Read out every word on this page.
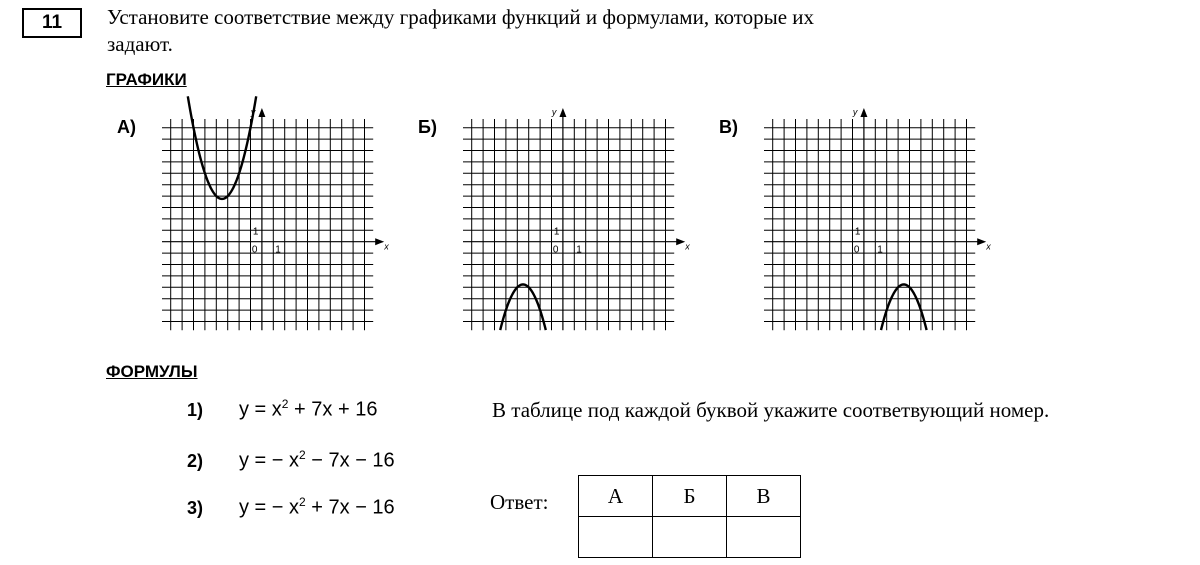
11 Установите соответствие между графиками функций и формулами, которые их
задают.
ГРАФИКИ
А)	Б)	В)
x
y
0 1
1
x
y
0 1
1
x
y
0 1
1
ФОРМУЛЫ
1)	$y = x^2 + 7x + 16$
2)	y = − $x^2 - 7x - 16$
3)	y = − $x^2 + 7x - 16$
В таблице под каждой буквой укажите соответвующий номер.
Ответ:	А	Б	В
